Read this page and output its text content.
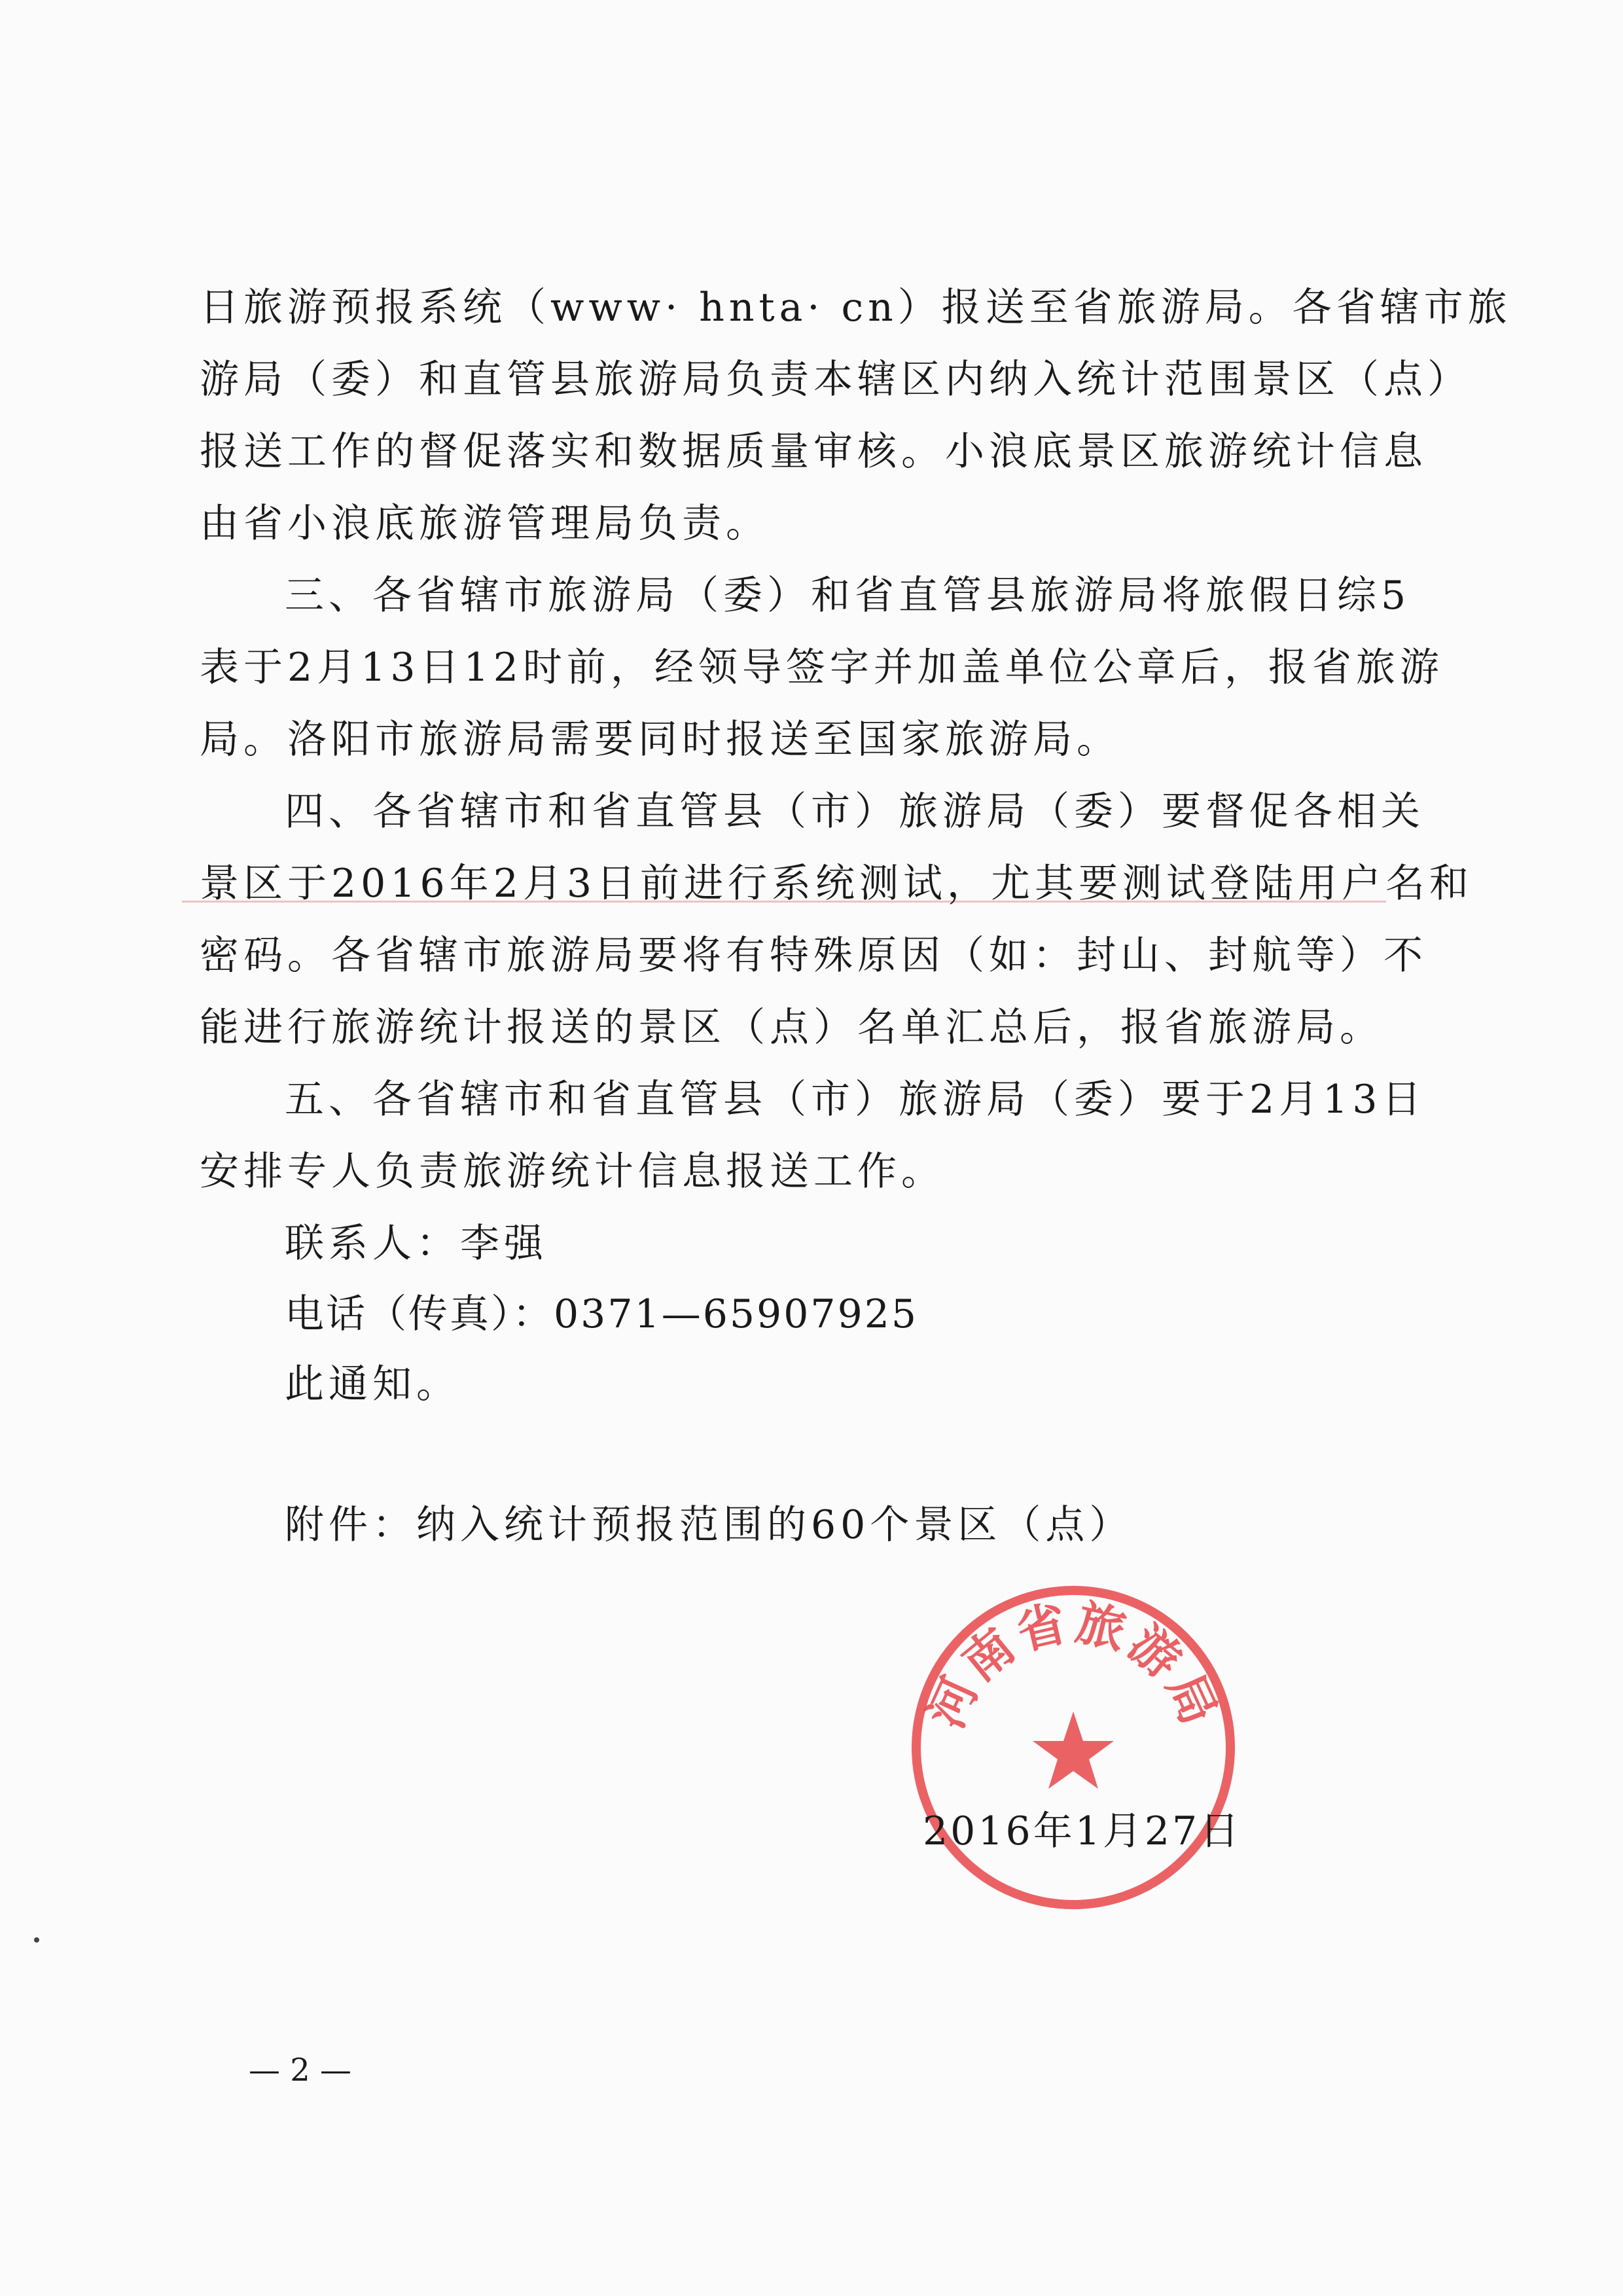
日旅游预报系统（www· hnta· cn）报送至省旅游局。各省辖市旅
游局（委）和直管县旅游局负责本辖区内纳入统计范围景区（点）
报送工作的督促落实和数据质量审核。小浪底景区旅游统计信息
由省小浪底旅游管理局负责。
三、各省辖市旅游局（委）和省直管县旅游局将旅假日综5
表于2月13日12时前，经领导签字并加盖单位公章后，报省旅游
局。洛阳市旅游局需要同时报送至国家旅游局。
四、各省辖市和省直管县（市）旅游局（委）要督促各相关
景区于2016年2月3日前进行系统测试，尤其要测试登陆用户名和
密码。各省辖市旅游局要将有特殊原因（如：封山、封航等）不
能进行旅游统计报送的景区（点）名单汇总后，报省旅游局。
五、各省辖市和省直管县（市）旅游局（委）要于2月13日
安排专人负责旅游统计信息报送工作。
联系人：李强
电话（传真）：0371—65907925
此通知。
附件：纳入统计预报范围的60个景区（点）
河南省旅游局
2016年1月27日
— 2 —
